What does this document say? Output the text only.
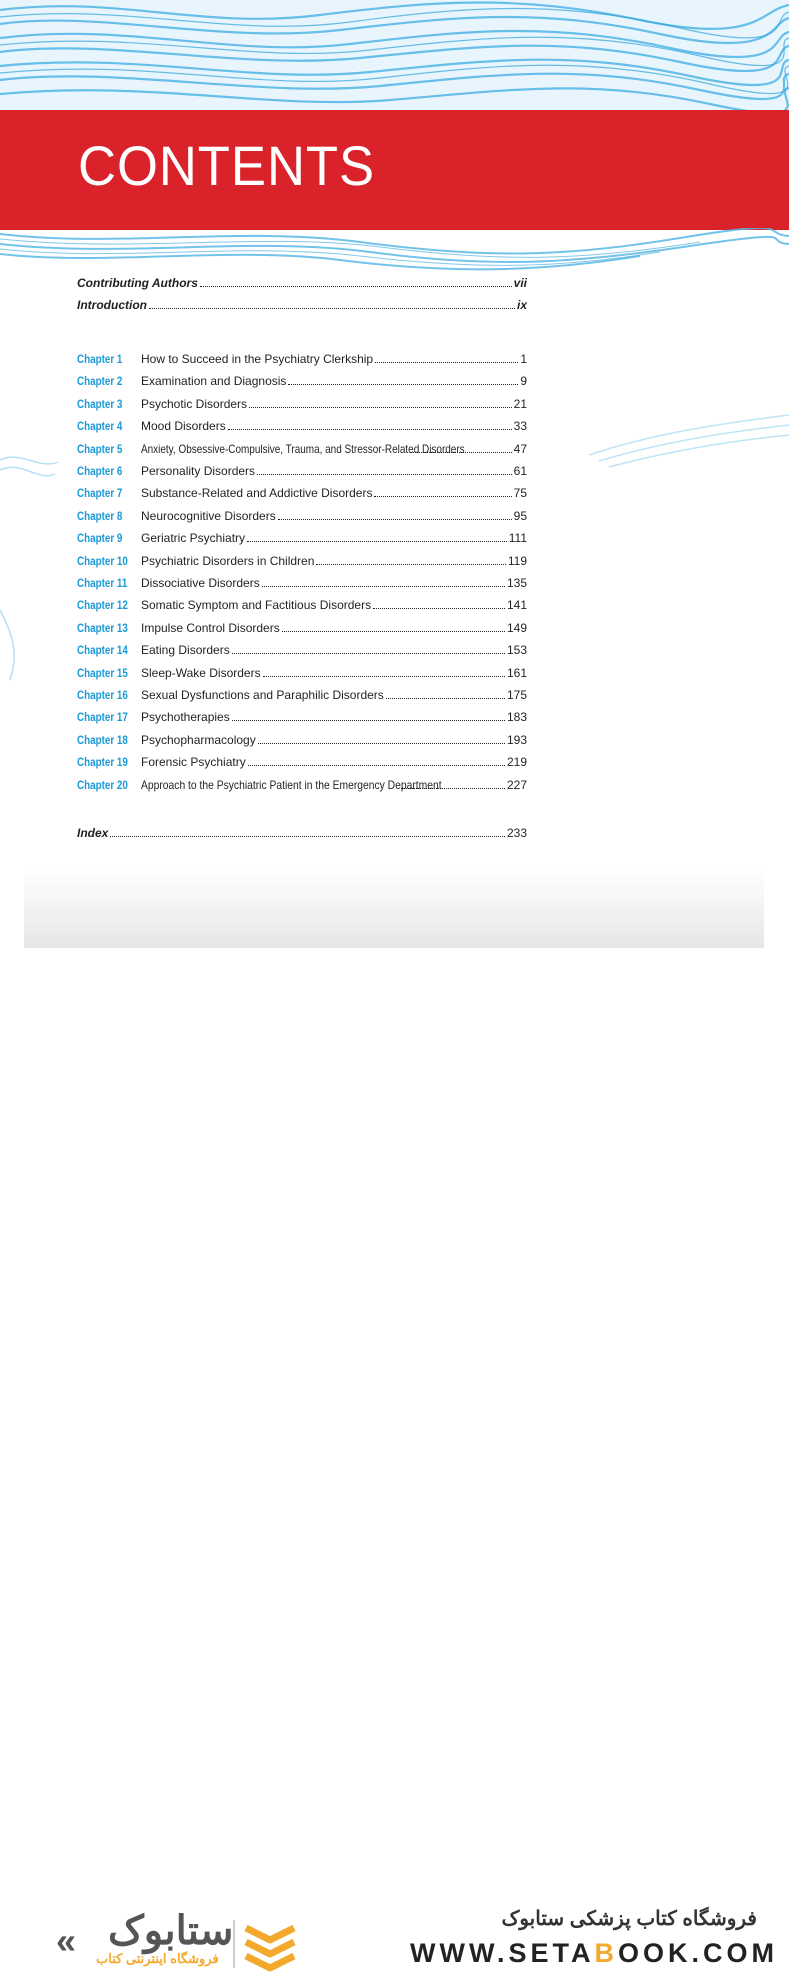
CONTENTS
Contributing Authors	vii
Introduction	ix
Chapter 1 How to Succeed in the Psychiatry Clerkship	1
Chapter 2 Examination and Diagnosis	9
Chapter 3 Psychotic Disorders	21
Chapter 4 Mood Disorders	33
Chapter 5 Anxiety, Obsessive-Compulsive, Trauma, and Stressor-Related Disorders	47
Chapter 6 Personality Disorders	61
Chapter 7 Substance-Related and Addictive Disorders	75
Chapter 8 Neurocognitive Disorders	95
Chapter 9 Geriatric Psychiatry	111
Chapter 10 Psychiatric Disorders in Children	119
Chapter 11 Dissociative Disorders	135
Chapter 12 Somatic Symptom and Factitious Disorders	141
Chapter 13 Impulse Control Disorders	149
Chapter 14 Eating Disorders	153
Chapter 15 Sleep-Wake Disorders	161
Chapter 16 Sexual Dysfunctions and Paraphilic Disorders	175
Chapter 17 Psychotherapies	183
Chapter 18 Psychopharmacology	193
Chapter 19 Forensic Psychiatry	219
Chapter 20 Approach to the Psychiatric Patient in the Emergency Department	227
Index	233
« ستابوک
فروشگاه اینترنتی کتاب
فروشگاه کتاب پزشکی ستابوک
WWW.SETABOOK.COM
